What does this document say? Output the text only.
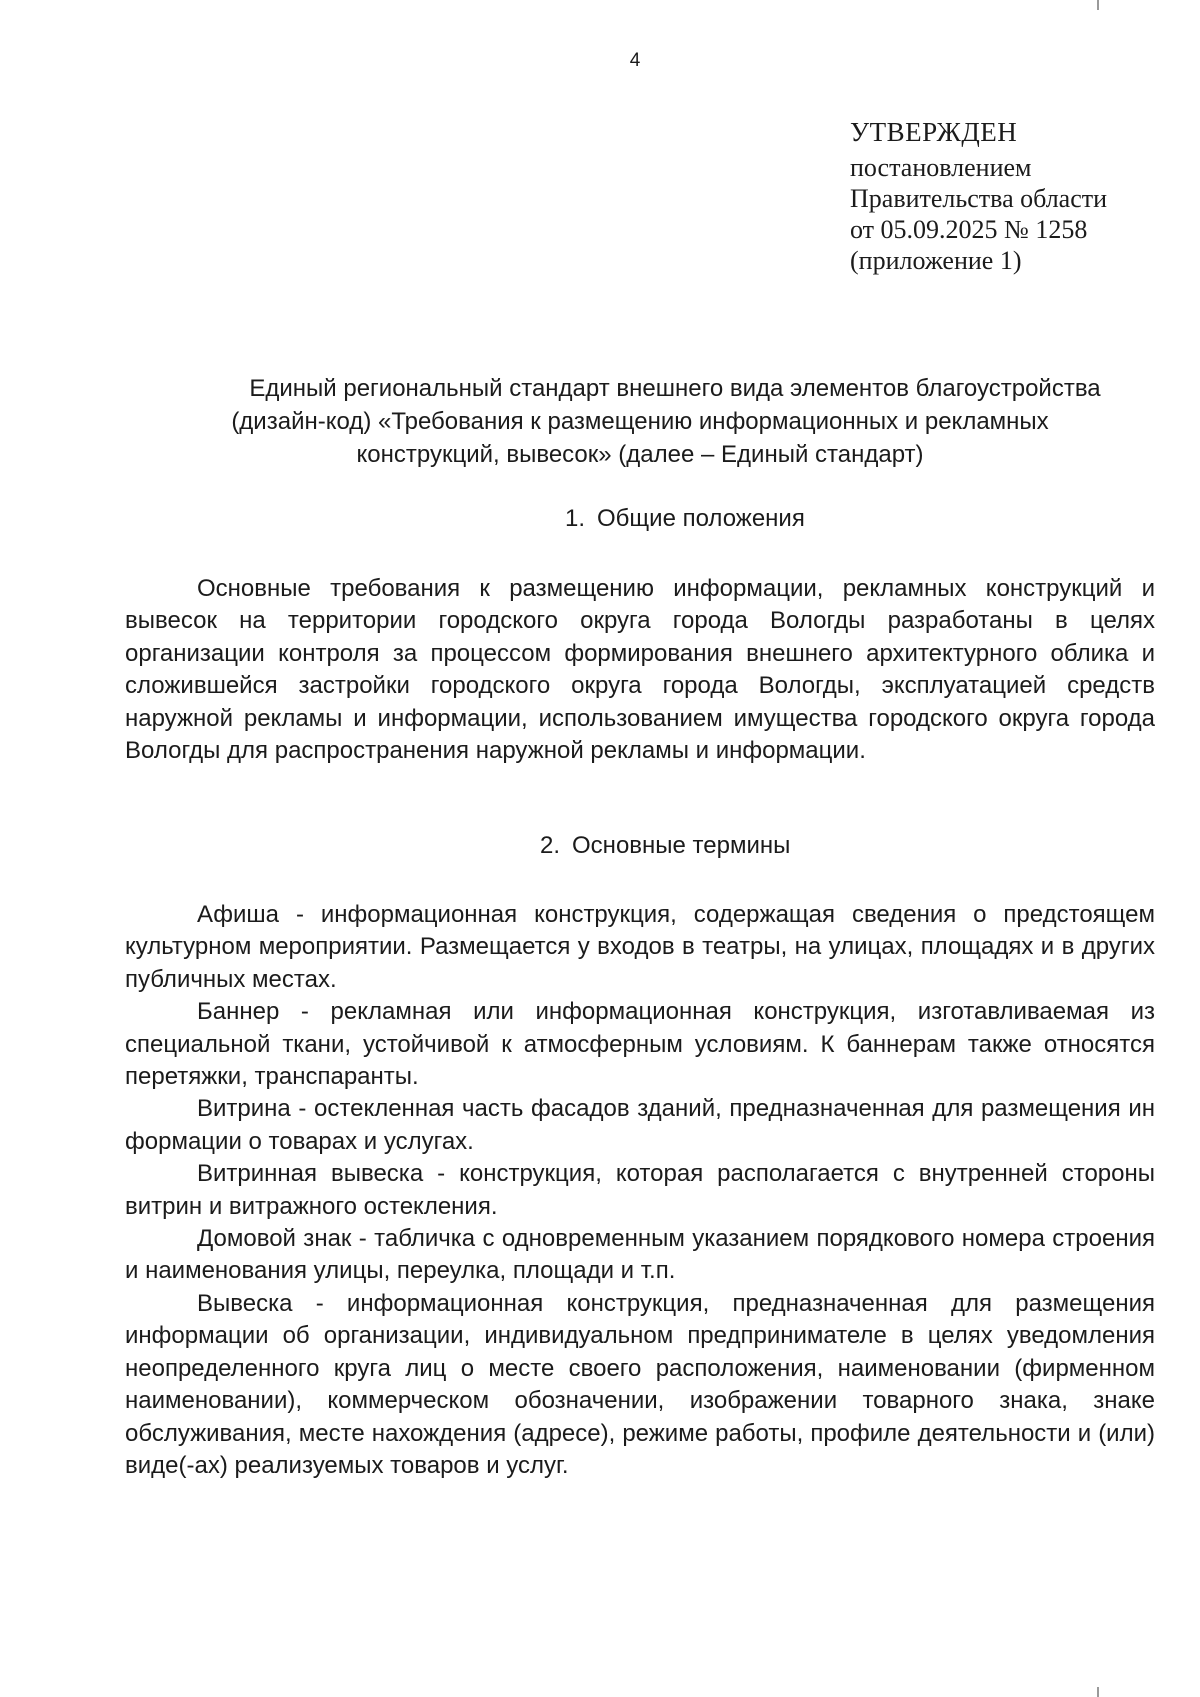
4
УТВЕРЖДЕН
постановлением
Правительства области
от 05.09.2025 № 1258
(приложение 1)
Единый региональный стандарт внешнего вида элементов благоустройства
(дизайн-код) «Требования к размещению информационных и рекламных
конструкций, вывесок» (далее – Единый стандарт)
1. Общие положения

Основные требования к размещению информации, рекламных конструкций и вывесок на территории городского округа города Вологды разработаны в целях организации контроля за процессом формирования внешнего архитектурного облика и сложившейся застройки городского округа города Вологды, эксплуатацией средств наружной рекламы и информации, использованием имущества городского округа города Вологды для распространения наружной рекламы и информации.

2. Основные термины

Афиша - информационная конструкция, содержащая сведения о предстоящем культурном мероприятии. Размещается у входов в театры, на улицах, площадях и в других публичных местах.

Баннер - рекламная или информационная конструкция, изготавливаемая из специальной ткани, устойчивой к атмосферным условиям. К баннерам также относятся перетяжки, транспаранты.

Витрина - остекленная часть фасадов зданий, предназначенная для размещения ин формации о товарах и услугах.

Витринная вывеска - конструкция, которая располагается с внутренней стороны витрин и витражного остекления.

Домовой знак - табличка с одновременным указанием порядкового номера строения и наименования улицы, переулка, площади и т.п.

Вывеска - информационная конструкция, предназначенная для размещения информации об организации, индивидуальном предпринимателе в целях уведомления неопределенного круга лиц о месте своего расположения, наименовании (фирменном наименовании), коммерческом обозначении, изображении товарного знака, знаке обслуживания, месте нахождения (адресе), режиме работы, профиле деятельности и (или) виде(-ах) реализуемых товаров и услуг.
